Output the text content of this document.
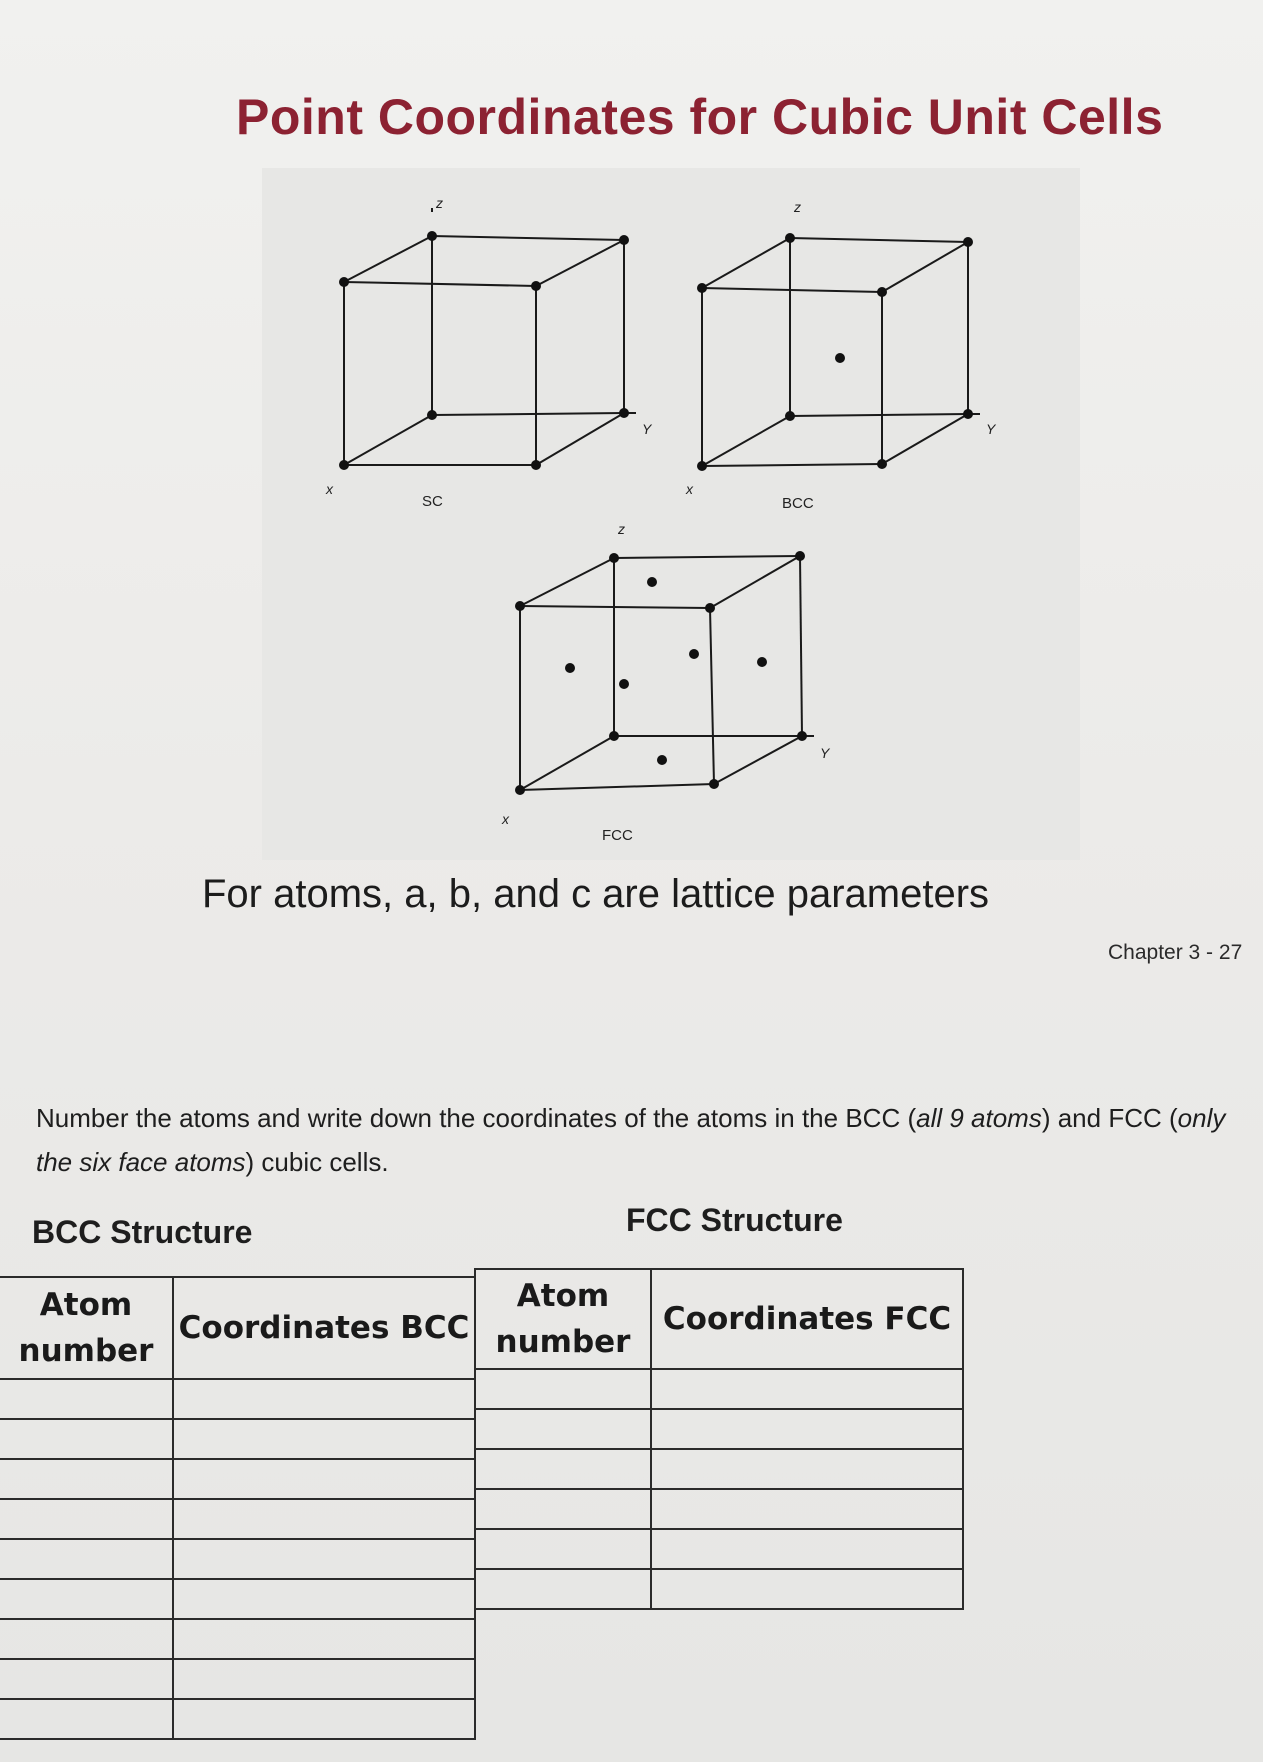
Point Coordinates for Cubic Unit Cells
z
Y
x
SC
z
Y
x
BCC
z
Y
x
FCC
For atoms, a, b, and c are lattice parameters
Chapter 3 - 27
Number the atoms and write down the coordinates of the atoms in the BCC (all 9 atoms) and FCC (only the six face atoms) cubic cells.
BCC Structure	FCC Structure
Atom number	Coordinates BCC

Atom number	Coordinates FCC
